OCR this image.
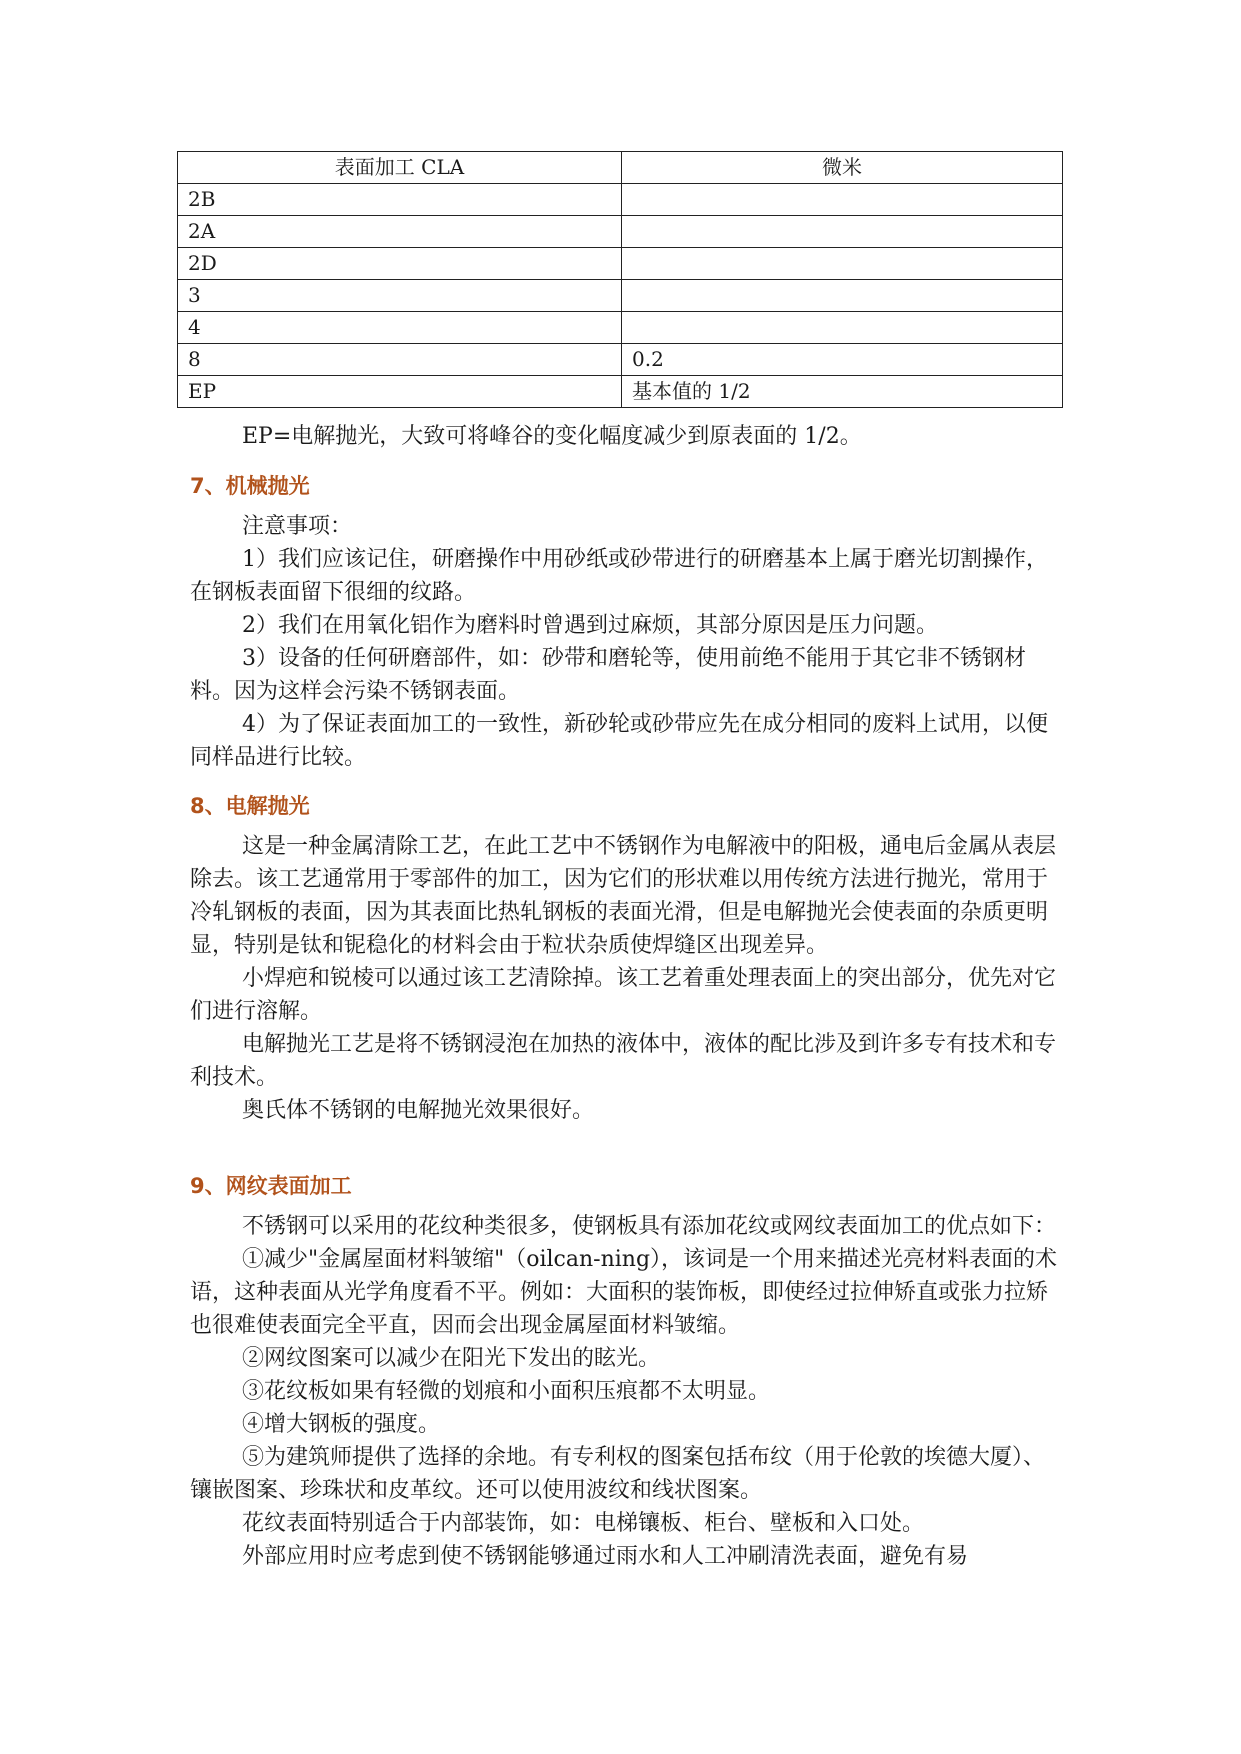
表面加工 CLA	微米
2B	
2A	
2D	
3	
4	
8	0.2
EP	基本值的 1/2

EP=电解抛光，大致可将峰谷的变化幅度减少到原表面的 1/2。

7、机械抛光

注意事项：

1）我们应该记住，研磨操作中用砂纸或砂带进行的研磨基本上属于磨光切割操作，在钢板表面留下很细的纹路。

2）我们在用氧化铝作为磨料时曾遇到过麻烦，其部分原因是压力问题。

3）设备的任何研磨部件，如：砂带和磨轮等，使用前绝不能用于其它非不锈钢材料。因为这样会污染不锈钢表面。

4）为了保证表面加工的一致性，新砂轮或砂带应先在成分相同的废料上试用，以便同样品进行比较。

8、电解抛光

这是一种金属清除工艺，在此工艺中不锈钢作为电解液中的阳极，通电后金属从表层除去。该工艺通常用于零部件的加工，因为它们的形状难以用传统方法进行抛光，常用于冷轧钢板的表面，因为其表面比热轧钢板的表面光滑，但是电解抛光会使表面的杂质更明显，特别是钛和铌稳化的材料会由于粒状杂质使焊缝区出现差异。

小焊疤和锐棱可以通过该工艺清除掉。该工艺着重处理表面上的突出部分，优先对它们进行溶解。

电解抛光工艺是将不锈钢浸泡在加热的液体中，液体的配比涉及到许多专有技术和专利技术。

奥氏体不锈钢的电解抛光效果很好。

9、网纹表面加工

不锈钢可以采用的花纹种类很多，使钢板具有添加花纹或网纹表面加工的优点如下：

①减少"金属屋面材料皱缩"（oilcan-ning），该词是一个用来描述光亮材料表面的术语，这种表面从光学角度看不平。例如：大面积的装饰板，即使经过拉伸矫直或张力拉矫也很难使表面完全平直，因而会出现金属屋面材料皱缩。

②网纹图案可以减少在阳光下发出的眩光。

③花纹板如果有轻微的划痕和小面积压痕都不太明显。

④增大钢板的强度。

⑤为建筑师提供了选择的余地。有专利权的图案包括布纹（用于伦敦的埃德大厦）、镶嵌图案、珍珠状和皮革纹。还可以使用波纹和线状图案。

花纹表面特别适合于内部装饰，如：电梯镶板、柜台、壁板和入口处。

外部应用时应考虑到使不锈钢能够通过雨水和人工冲刷清洗表面，避免有易
